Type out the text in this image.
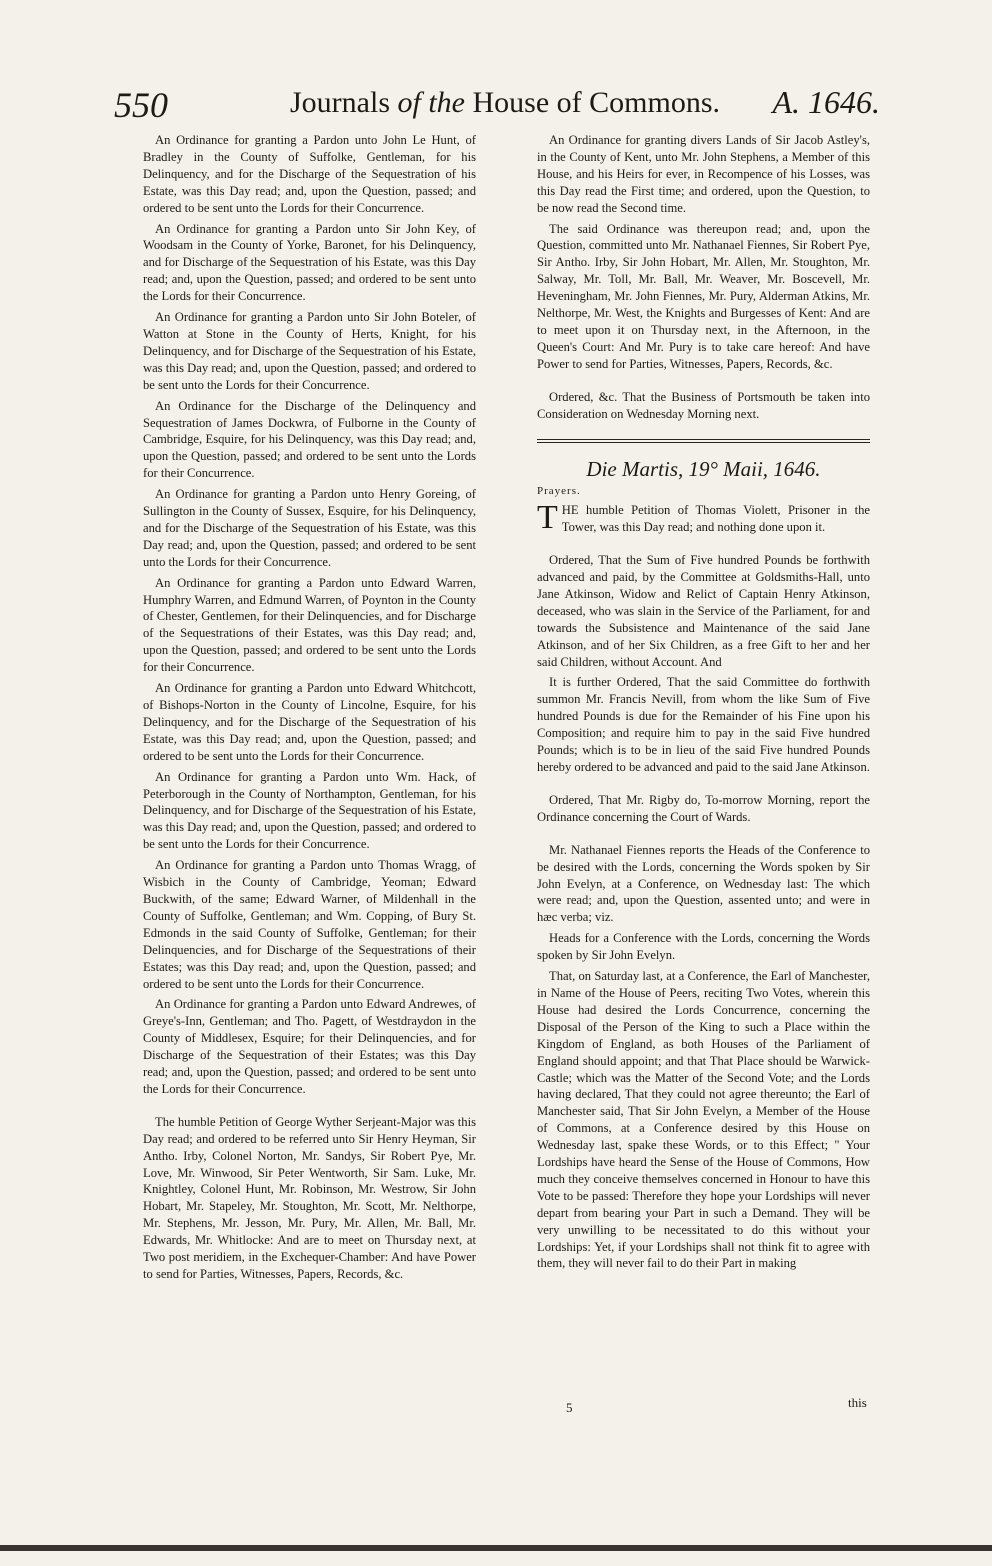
550	Journals of the House of Commons. A. 1646.

An Ordinance for granting a Pardon unto John Le Hunt, of Bradley in the County of Suffolke, Gentleman, for his Delinquency, and for the Discharge of the Sequestration of his Estate, was this Day read; and, upon the Question, passed; and ordered to be sent unto the Lords for their Concurrence.

An Ordinance for granting a Pardon unto Sir John Key, of Woodsam in the County of Yorke, Baronet, for his Delinquency, and for Discharge of the Sequestration of his Estate, was this Day read; and, upon the Question, passed; and ordered to be sent unto the Lords for their Concurrence.

An Ordinance for granting a Pardon unto Sir John Boteler, of Watton at Stone in the County of Herts, Knight, for his Delinquency, and for Discharge of the Sequestration of his Estate, was this Day read; and, upon the Question, passed; and ordered to be sent unto the Lords for their Concurrence.

An Ordinance for the Discharge of the Delinquency and Sequestration of James Dockwra, of Fulborne in the County of Cambridge, Esquire, for his Delinquency, was this Day read; and, upon the Question, passed; and ordered to be sent unto the Lords for their Concurrence.

An Ordinance for granting a Pardon unto Henry Goreing, of Sullington in the County of Sussex, Esquire, for his Delinquency, and for the Discharge of the Sequestration of his Estate, was this Day read; and, upon the Question, passed; and ordered to be sent unto the Lords for their Concurrence.

An Ordinance for granting a Pardon unto Edward Warren, Humphry Warren, and Edmund Warren, of Poynton in the County of Chester, Gentlemen, for their Delinquencies, and for Discharge of the Sequestrations of their Estates, was this Day read; and, upon the Question, passed; and ordered to be sent unto the Lords for their Concurrence.

An Ordinance for granting a Pardon unto Edward Whitchcott, of Bishops-Norton in the County of Lincolne, Esquire, for his Delinquency, and for the Discharge of the Sequestration of his Estate, was this Day read; and, upon the Question, passed; and ordered to be sent unto the Lords for their Concurrence.

An Ordinance for granting a Pardon unto Wm. Hack, of Peterborough in the County of Northampton, Gentleman, for his Delinquency, and for Discharge of the Sequestration of his Estate, was this Day read; and, upon the Question, passed; and ordered to be sent unto the Lords for their Concurrence.

An Ordinance for granting a Pardon unto Thomas Wragg, of Wisbich in the County of Cambridge, Yeoman; Edward Buckwith, of the same; Edward Warner, of Mildenhall in the County of Suffolke, Gentleman; and Wm. Copping, of Bury St. Edmonds in the said County of Suffolke, Gentleman; for their Delinquencies, and for Discharge of the Sequestrations of their Estates; was this Day read; and, upon the Question, passed; and ordered to be sent unto the Lords for their Concurrence.

An Ordinance for granting a Pardon unto Edward Andrewes, of Greye's-Inn, Gentleman; and Tho. Pagett, of Westdraydon in the County of Middlesex, Esquire; for their Delinquencies, and for Discharge of the Sequestration of their Estates; was this Day read; and, upon the Question, passed; and ordered to be sent unto the Lords for their Concurrence.

The humble Petition of George Wyther Serjeant-Major was this Day read; and ordered to be referred unto Sir Henry Heyman, Sir Antho. Irby, Colonel Norton, Mr. Sandys, Sir Robert Pye, Mr. Love, Mr. Winwood, Sir Peter Wentworth, Sir Sam. Luke, Mr. Knightley, Colonel Hunt, Mr. Robinson, Mr. Westrow, Sir John Hobart, Mr. Stapeley, Mr. Stoughton, Mr. Scott, Mr. Nelthorpe, Mr. Stephens, Mr. Jesson, Mr. Pury, Mr. Allen, Mr. Ball, Mr. Edwards, Mr. Whitlocke: And are to meet on Thursday next, at Two post meridiem, in the Exchequer-Chamber: And have Power to send for Parties, Witnesses, Papers, Records, &c.

An Ordinance for granting divers Lands of Sir Jacob Astley's, in the County of Kent, unto Mr. John Stephens, a Member of this House, and his Heirs for ever, in Recompence of his Losses, was this Day read the First time; and ordered, upon the Question, to be now read the Second time.

The said Ordinance was thereupon read; and, upon the Question, committed unto Mr. Nathanael Fiennes, Sir Robert Pye, Sir Antho. Irby, Sir John Hobart, Mr. Allen, Mr. Stoughton, Mr. Salway, Mr. Toll, Mr. Ball, Mr. Weaver, Mr. Boscevell, Mr. Heveningham, Mr. John Fiennes, Mr. Pury, Alderman Atkins, Mr. Nelthorpe, Mr. West, the Knights and Burgesses of Kent: And are to meet upon it on Thursday next, in the Afternoon, in the Queen's Court: And Mr. Pury is to take care hereof: And have Power to send for Parties, Witnesses, Papers, Records, &c.

Ordered, &c. That the Business of Portsmouth be taken into Consideration on Wednesday Morning next.

Die Martis, 19° Maii, 1646.
Prayers.

THE humble Petition of Thomas Violett, Prisoner in the Tower, was this Day read; and nothing done upon it.

Ordered, That the Sum of Five hundred Pounds be forthwith advanced and paid, by the Committee at Goldsmiths-Hall, unto Jane Atkinson, Widow and Relict of Captain Henry Atkinson, deceased, who was slain in the Service of the Parliament, for and towards the Subsistence and Maintenance of the said Jane Atkinson, and of her Six Children, as a free Gift to her and her said Children, without Account. And

It is further Ordered, That the said Committee do forthwith summon Mr. Francis Nevill, from whom the like Sum of Five hundred Pounds is due for the Remainder of his Fine upon his Composition; and require him to pay in the said Five hundred Pounds; which is to be in lieu of the said Five hundred Pounds hereby ordered to be advanced and paid to the said Jane Atkinson.

Ordered, That Mr. Rigby do, To-morrow Morning, report the Ordinance concerning the Court of Wards.

Mr. Nathanael Fiennes reports the Heads of the Conference to be desired with the Lords, concerning the Words spoken by Sir John Evelyn, at a Conference, on Wednesday last: The which were read; and, upon the Question, assented unto; and were in hæc verba; viz.

Heads for a Conference with the Lords, concerning the Words spoken by Sir John Evelyn.

That, on Saturday last, at a Conference, the Earl of Manchester, in Name of the House of Peers, reciting Two Votes, wherein this House had desired the Lords Concurrence, concerning the Disposal of the Person of the King to such a Place within the Kingdom of England, as both Houses of the Parliament of England should appoint; and that That Place should be Warwick-Castle; which was the Matter of the Second Vote; and the Lords having declared, That they could not agree thereunto; the Earl of Manchester said, That Sir John Evelyn, a Member of the House of Commons, at a Conference desired by this House on Wednesday last, spake these Words, or to this Effect; " Your Lordships have heard the Sense of the House of Commons, How much they conceive themselves concerned in Honour to have this Vote to be passed: Therefore they hope your Lordships will never depart from bearing your Part in such a Demand. They will be very unwilling to be necessitated to do this without your Lordships: Yet, if your Lordships shall not think fit to agree with them, they will never fail to do their Part in making

5	this
